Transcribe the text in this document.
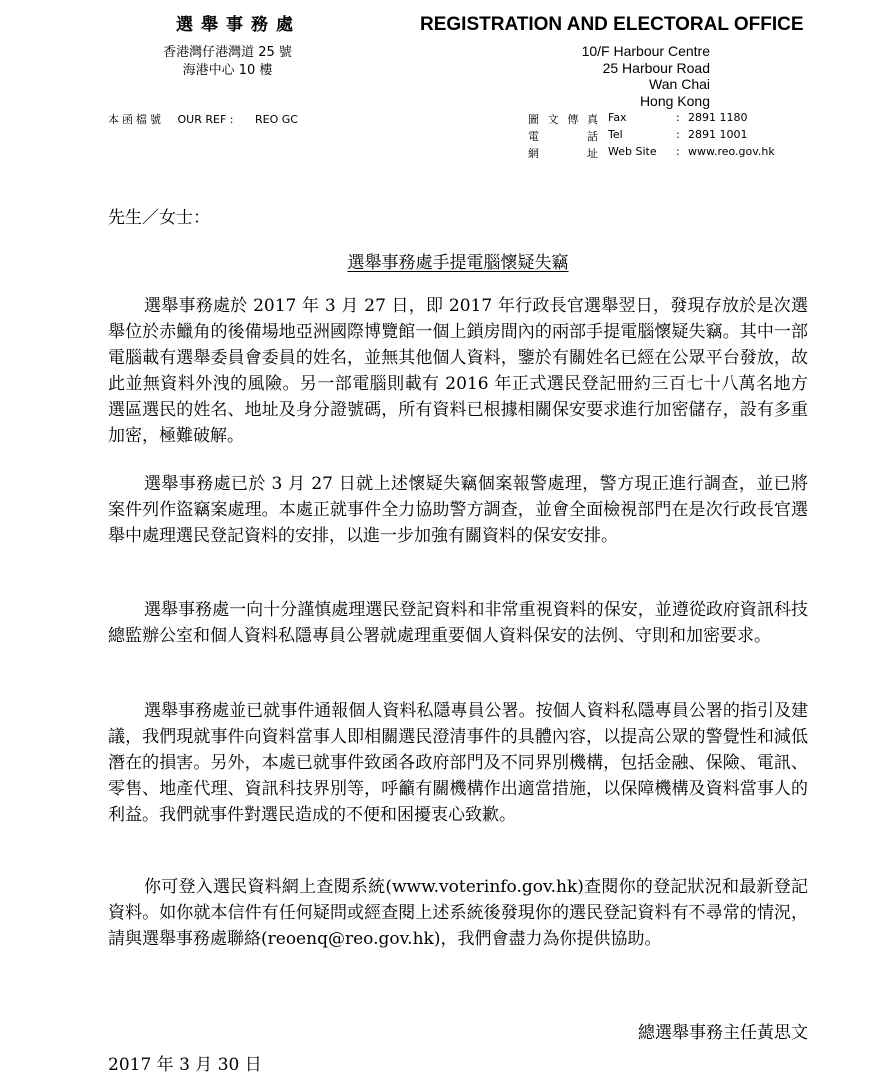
選舉事務處
香港灣仔港灣道 25 號
海港中心 10 樓
REGISTRATION AND ELECTORAL OFFICE
10/F Harbour Centre
25 Harbour Road
Wan Chai
Hong Kong
本函檔號 OUR REF : REO GC	圖 文 傳 真 Fax	: 2891 1180
電	話 Tel	: 2891 1001
網	址 Web Site : www.reo.gov.hk
先生／女士：
選舉事務處手提電腦懷疑失竊

選舉事務處於 2017 年 3 月 27 日，即 2017 年行政長官選舉翌日，發現存放於是次選舉位於赤鱲角的後備場地亞洲國際博覽館一個上鎖房間內的兩部手提電腦懷疑失竊。其中一部電腦載有選舉委員會委員的姓名，並無其他個人資料，鑒於有關姓名已經在公眾平台發放，故此並無資料外洩的風險。另一部電腦則載有 2016 年正式選民登記冊約三百七十八萬名地方選區選民的姓名、地址及身分證號碼，所有資料已根據相關保安要求進行加密儲存，設有多重加密，極難破解。

選舉事務處已於 3 月 27 日就上述懷疑失竊個案報警處理，警方現正進行調查，並已將案件列作盜竊案處理。本處正就事件全力協助警方調查，並會全面檢視部門在是次行政長官選舉中處理選民登記資料的安排，以進一步加強有關資料的保安安排。

選舉事務處一向十分謹慎處理選民登記資料和非常重視資料的保安，並遵從政府資訊科技總監辦公室和個人資料私隱專員公署就處理重要個人資料保安的法例、守則和加密要求。

選舉事務處並已就事件通報個人資料私隱專員公署。按個人資料私隱專員公署的指引及建議，我們現就事件向資料當事人即相關選民澄清事件的具體內容，以提高公眾的警覺性和減低潛在的損害。另外，本處已就事件致函各政府部門及不同界別機構，包括金融、保險、電訊、零售、地產代理、資訊科技界別等，呼籲有關機構作出適當措施，以保障機構及資料當事人的利益。我們就事件對選民造成的不便和困擾衷心致歉。

你可登入選民資料網上查閱系統(www.voterinfo.gov.hk)查閱你的登記狀況和最新登記資料。如你就本信件有任何疑問或經查閱上述系統後發現你的選民登記資料有不尋常的情況，請與選舉事務處聯絡(reoenq@reo.gov.hk)，我們會盡力為你提供協助。

總選舉事務主任黃思文
2017 年 3 月 30 日
